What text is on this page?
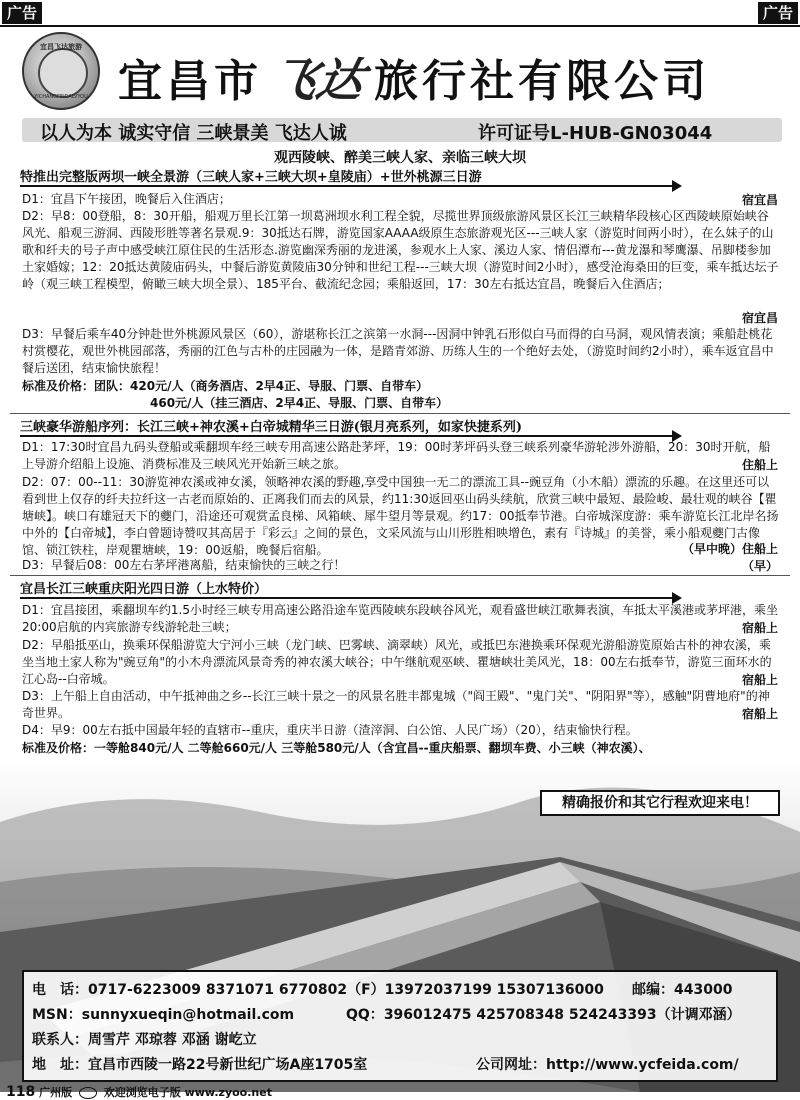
广告	广告
宜昌飞达旅游
YICHANGFEIDALVYOU 宜昌市飞达 旅行社有限公司
以人为本 诚实守信 三峡景美 飞达人诚	许可证号L-HUB-GN03044
观西陵峡、醉美三峡人家、亲临三峡大坝
特推出完整版两坝一峡全景游（三峡人家+三峡大坝+皇陵庙）+世外桃源三日游
D1：宜昌下午接团，晚餐后入住酒店；	宿宜昌
D2：早8：00登船，8：30开船，船观万里长江第一坝葛洲坝水利工程全貌，尽揽世界顶级旅游风景区长江三峡精华段核心区西陵峡原始峡谷风光、船观三游洞、西陵形胜等著名景观.9：30抵达石牌，游览国家AAAA级原生态旅游观光区---三峡人家（游览时间两小时），在么妹子的山歌和纤夫的号子声中感受峡江原住民的生活形态.游览幽深秀丽的龙进溪，参观水上人家、溪边人家、情侣潭布---黄龙瀑和琴鹰瀑、吊脚楼参加土家婚嫁；12：20抵达黄陵庙码头，中餐后游览黄陵庙30分钟和世纪工程---三峡大坝（游览时间2小时），感受沧海桑田的巨变，乘车抵达坛子岭（观三峡工程模型，俯瞰三峡大坝全景）、185平台、截流纪念园；乘船返回，17：30左右抵达宜昌，晚餐后入住酒店；
宿宜昌
D3：早餐后乘车40分钟赴世外桃源风景区（60），游堪称长江之滨第一水洞---因洞中钟乳石形似白马而得的白马洞，观风情表演；乘船赴桃花村赏樱花，观世外桃园部落，秀丽的江色与古朴的庄园融为一体，是踏青郊游、历练人生的一个绝好去处，（游览时间约2小时），乘车返宜昌中餐后送团，结束愉快旅程！
标准及价格：团队：420元/人（商务酒店、2早4正、导服、门票、自带车）
460元/人（挂三酒店、2早4正、导服、门票、自带车）
三峡豪华游船序列：长江三峡+神农溪+白帝城精华三日游(银月亮系列，如家快捷系列)
D1：17:30时宜昌九码头登船或乘翻坝车经三峡专用高速公路赴茅坪，19：00时茅坪码头登三峡系列豪华游轮涉外游船，20：30时开航，船上导游介绍船上设施、消费标准及三峡风光开始新三峡之旅。	住船上
D2：07：00--11：30游览神农溪或神女溪，领略神农溪的野趣,享受中国独一无二的漂流工具--豌豆角（小木船）漂流的乐趣。在这里还可以看到世上仅存的纤夫拉纤这一古老而原始的、正离我们而去的风景，约11:30返回巫山码头续航，欣赏三峡中最短、最险峻、最壮观的峡谷【瞿塘峡】。峡口有雄冠天下的夔门，沿途还可观赏孟良梯、风箱峡、犀牛望月等景观。约17：00抵奉节港。白帝城深度游：乘车游览长江北岸名扬中外的【白帝城】，李白曾题诗赞叹其高居于『彩云』之间的景色，文采风流与山川形胜相映增色，素有『诗城』的美誉，乘小船观夔门古像馆、锁江铁柱，岸观瞿塘峡，19：00返船，晚餐后宿船。	（早中晚）住船上
D3：早餐后08：00左右茅坪港离船，结束愉快的三峡之行！	（早）
宜昌长江三峡重庆阳光四日游（上水特价）
D1：宜昌接团，乘翻坝车约1.5小时经三峡专用高速公路沿途车览西陵峡东段峡谷风光，观看盛世峡江歌舞表演，车抵太平溪港或茅坪港，乘坐20:00启航的内宾旅游专线游轮赴三峡；	宿船上
D2：早船抵巫山，换乘环保船游览大宁河小三峡（龙门峡、巴雾峡、滴翠峡）风光，或抵巴东港换乘环保观光游船游览原始古朴的神农溪，乘坐当地土家人称为"豌豆角"的小木舟漂流风景奇秀的神农溪大峡谷；中午继航观巫峡、瞿塘峡壮美风光，18：00左右抵奉节，游览三面环水的江心岛--白帝城。	宿船上
D3：上午船上自由活动，中午抵神曲之乡--长江三峡十景之一的风景名胜丰都鬼城（"阎王殿"、"鬼门关"、"阴阳界"等），感触"阴曹地府"的神奇世界。	宿船上
D4：早9：00左右抵中国最年轻的直辖市--重庆，重庆半日游（渣滓洞、白公馆、人民广场）（20），结束愉快行程。
标准及价格：一等舱840元/人 二等舱660元/人 三等舱580元/人（含宜昌--重庆船票、翻坝车费、小三峡（神农溪）、
精确报价和其它行程欢迎来电！
电　话：0717-6223009 8371071 6770802（F）13972037199 15307136000 邮编：443000
MSN：sunnyxueqin@hotmail.com	QQ：396012475 425708348 524243393（计调邓涵）
联系人：周雪芹 邓琼蓉 邓涵 谢屹立
地　址：宜昌市西陵一路22号新世纪广场A座1705室	公司网址：http://www.ycfeida.com/
118 广州版	欢迎浏览电子版 www.zyoo.net
